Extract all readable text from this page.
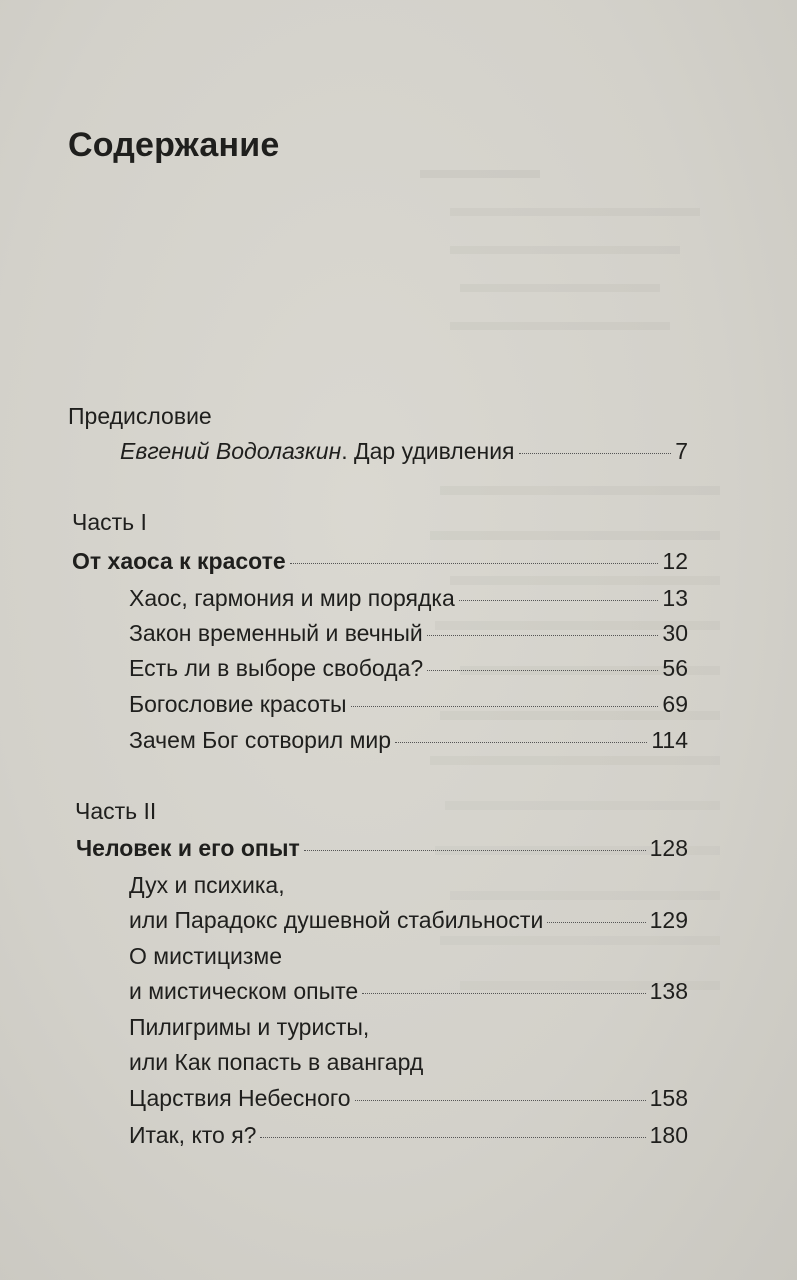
Содержание
Предисловие
Евгений Водолазкин. Дар удивления	7
Часть I
От хаоса к красоте	12
Хаос, гармония и мир порядка	13
Закон временный и вечный	30
Есть ли в выборе свобода?	56
Богословие красоты	69
Зачем Бог сотворил мир	114
Часть II
Человек и его опыт	128
Дух и психика,
или Парадокс душевной стабильности	129
О мистицизме
и мистическом опыте	138
Пилигримы и туристы,
или Как попасть в авангард
Царствия Небесного	158
Итак, кто я?	180
